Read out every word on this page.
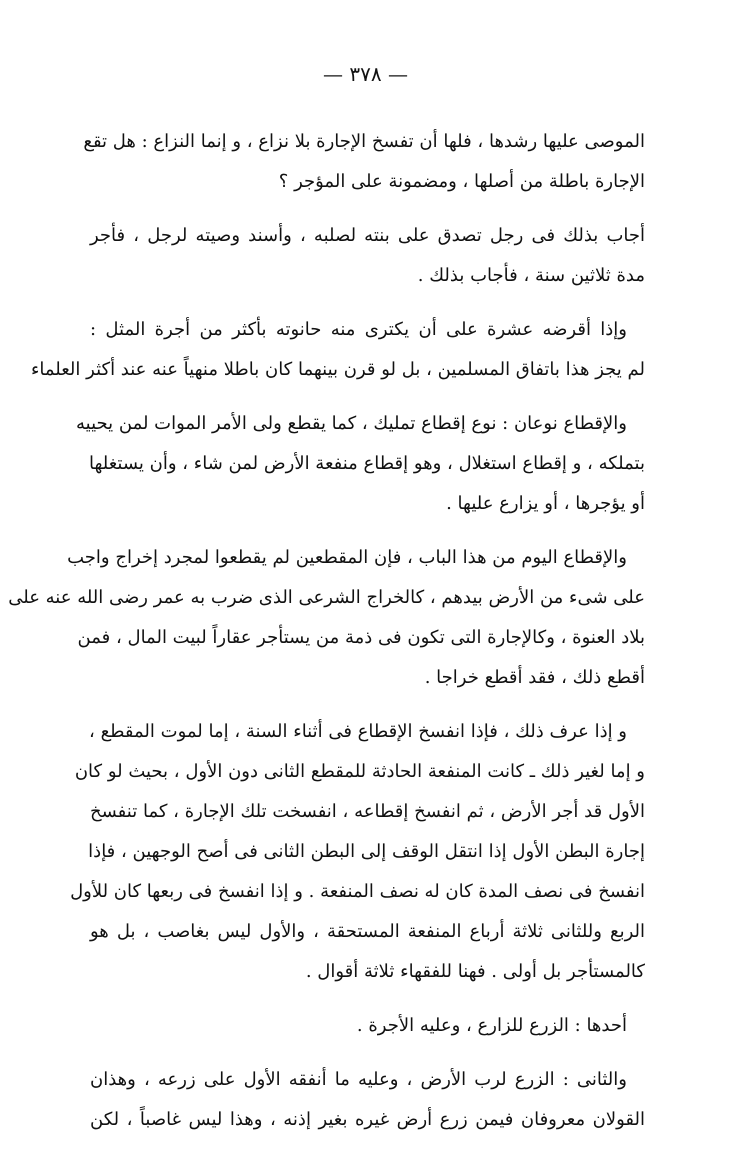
— ٣٧٨ —
الموصى عليها رشدها ، فلها أن تفسخ الإجارة بلا نزاع ، و إنما النزاع : هل تقع
الإجارة باطلة من أصلها ، ومضمونة على المؤجر ؟
أجاب بذلك فى رجل تصدق على بنته لصلبه ، وأسند وصيته لرجل ، فأجر
مدة ثلاثين سنة ، فأجاب بذلك .
وإذا أقرضه عشرة على أن يكترى منه حانوته بأكثر من أجرة المثل :
لم يجز هذا باتفاق المسلمين ، بل لو قرن بينهما كان باطلا منهياً عنه عند أكثر العلماء
والإقطاع نوعان : نوع إقطاع تمليك ، كما يقطع ولى الأمر الموات لمن يحييه
بتملكه ، و إقطاع استغلال ، وهو إقطاع منفعة الأرض لمن شاء ، وأن يستغلها
أو يؤجرها ، أو يزارع عليها .
والإقطاع اليوم من هذا الباب ، فإن المقطعين لم يقطعوا لمجرد إخراج واجب
على شىء من الأرض بيدهم ، كالخراج الشرعى الذى ضرب به عمر رضى الله عنه على
بلاد العنوة ، وكالإجارة التى تكون فى ذمة من يستأجر عقاراً لبيت المال ، فمن
أقطع ذلك ، فقد أقطع خراجا .
و إذا عرف ذلك ، فإذا انفسخ الإقطاع فى أثناء السنة ، إما لموت المقطع ،
و إما لغير ذلك ـ كانت المنفعة الحادثة للمقطع الثانى دون الأول ، بحيث لو كان
الأول قد أجر الأرض ، ثم انفسخ إقطاعه ، انفسخت تلك الإجارة ، كما تنفسخ
إجارة البطن الأول إذا انتقل الوقف إلى البطن الثانى فى أصح الوجهين ، فإذا
انفسخ فى نصف المدة كان له نصف المنفعة . و إذا انفسخ فى ربعها كان للأول
الربع وللثانى ثلاثة أرباع المنفعة المستحقة ، والأول ليس بغاصب ، بل هو
كالمستأجر بل أولى . فهنا للفقهاء ثلاثة أقوال .
أحدها : الزرع للزارع ، وعليه الأجرة .
والثانى : الزرع لرب الأرض ، وعليه ما أنفقه الأول على زرعه ، وهذان
القولان معروفان فيمن زرع أرض غيره بغير إذنه ، وهذا ليس غاصباً ، لكن
